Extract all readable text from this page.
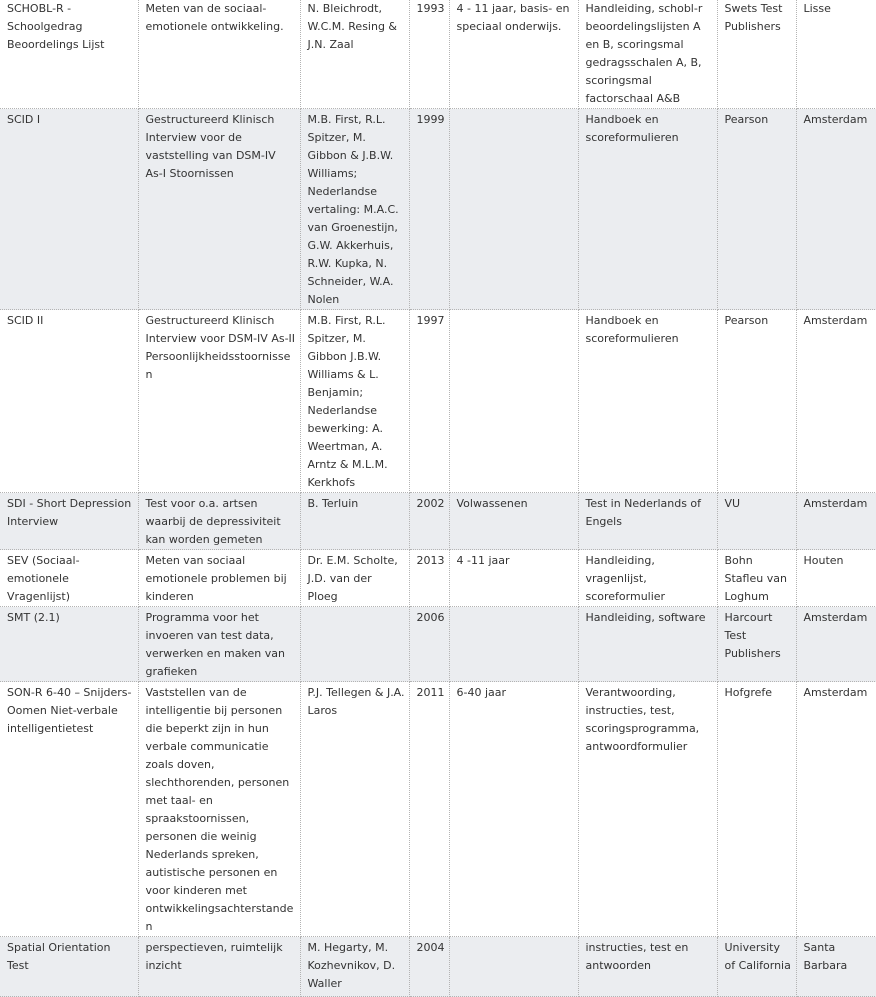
SCHOBL-R - Schoolgedrag Beoordelings Lijst	Meten van de sociaal-emotionele ontwikkeling.	N. Bleichrodt, W.C.M. Resing & J.N. Zaal	1993	4 - 11 jaar, basis- en speciaal onderwijs.	Handleiding, schobl-r beoordelingslijsten A en B, scoringsmal gedragsschalen A, B, scoringsmal factorschaal A&B	Swets Test Publishers	Lisse
SCID I	Gestructureerd Klinisch Interview voor de vaststelling van DSM-IV As-I Stoornissen	M.B. First, R.L. Spitzer, M. Gibbon & J.B.W. Williams; Nederlandse vertaling: M.A.C. van Groenestijn, G.W. Akkerhuis, R.W. Kupka, N. Schneider, W.A. Nolen	1999		Handboek en scoreformulieren	Pearson	Amsterdam
SCID II	Gestructureerd Klinisch Interview voor DSM-IV As-II Persoonlijkheidsstoornissen	M.B. First, R.L. Spitzer, M. Gibbon J.B.W. Williams & L. Benjamin; Nederlandse bewerking: A. Weertman, A. Arntz & M.L.M. Kerkhofs	1997		Handboek en scoreformulieren	Pearson	Amsterdam
SDI - Short Depression Interview	Test voor o.a. artsen waarbij de depressiviteit kan worden gemeten	B. Terluin	2002	Volwassenen	Test in Nederlands of Engels	VU	Amsterdam
SEV (Sociaal-emotionele Vragenlijst)	Meten van sociaal emotionele problemen bij kinderen	Dr. E.M. Scholte, J.D. van der Ploeg	2013	4 -11 jaar	Handleiding, vragenlijst, scoreformulier	Bohn Stafleu van Loghum	Houten
SMT (2.1)	Programma voor het invoeren van test data, verwerken en maken van grafieken		2006		Handleiding, software	Harcourt Test Publishers	Amsterdam
SON-R 6-40 – Snijders-Oomen Niet-verbale intelligentietest	Vaststellen van de intelligentie bij personen die beperkt zijn in hun verbale communicatie zoals doven, slechthorenden, personen met taal- en spraakstoornissen, personen die weinig Nederlands spreken, autistische personen en voor kinderen met ontwikkelingsachterstanden	P.J. Tellegen & J.A. Laros	2011	6-40 jaar	Verantwoording, instructies, test, scoringsprogramma, antwoordformulier	Hofgrefe	Amsterdam
Spatial Orientation Test	perspectieven, ruimtelijk inzicht	M. Hegarty, M. Kozhevnikov, D. Waller	2004		instructies, test en antwoorden	University of California	Santa Barbara
